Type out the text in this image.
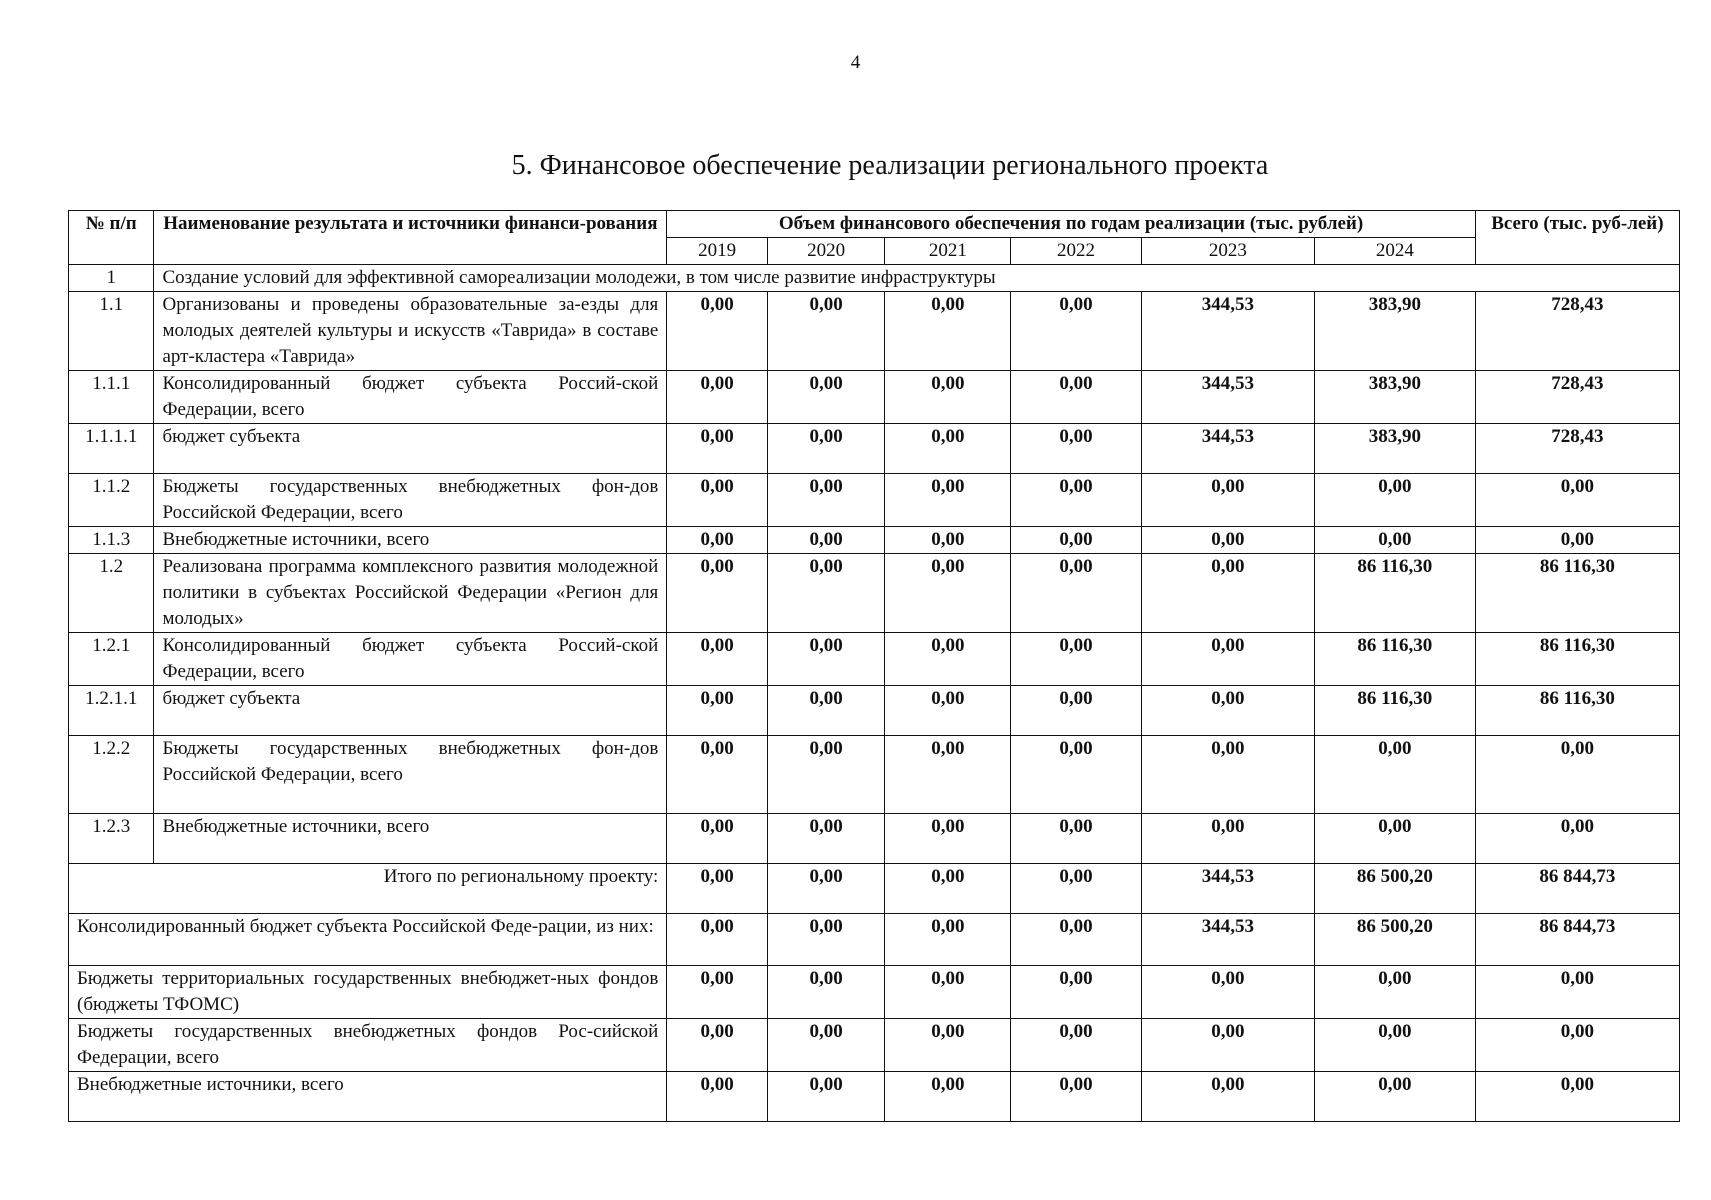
4
5. Финансовое обеспечение реализации регионального проекта
№ п/п	Наименование результата и источники финанси-рования	Объем финансового обеспечения по годам реализации (тыс. рублей)						Всего (тыс. руб-лей)
		2019	2020	2021	2022	2023	2024	
1	Создание условий для эффективной самореализации молодежи, в том числе развитие инфраструктуры							
1.1	Организованы и проведены образовательные за-езды для молодых деятелей культуры и искусств «Таврида» в составе арт-кластера «Таврида»	0,00	0,00	0,00	0,00	344,53	383,90	728,43
1.1.1	Консолидированный бюджет субъекта Россий-ской Федерации, всего	0,00	0,00	0,00	0,00	344,53	383,90	728,43
1.1.1.1	бюджет субъекта	0,00	0,00	0,00	0,00	344,53	383,90	728,43
1.1.2	Бюджеты государственных внебюджетных фон-дов Российской Федерации, всего	0,00	0,00	0,00	0,00	0,00	0,00	0,00
1.1.3	Внебюджетные источники, всего	0,00	0,00	0,00	0,00	0,00	0,00	0,00
1.2	Реализована программа комплексного развития молодежной политики в субъектах Российской Федерации «Регион для молодых»	0,00	0,00	0,00	0,00	0,00	86 116,30	86 116,30
1.2.1	Консолидированный бюджет субъекта Россий-ской Федерации, всего	0,00	0,00	0,00	0,00	0,00	86 116,30	86 116,30
1.2.1.1	бюджет субъекта	0,00	0,00	0,00	0,00	0,00	86 116,30	86 116,30
1.2.2	Бюджеты государственных внебюджетных фон-дов Российской Федерации, всего	0,00	0,00	0,00	0,00	0,00	0,00	0,00
1.2.3	Внебюджетные источники, всего	0,00	0,00	0,00	0,00	0,00	0,00	0,00
Итого по региональному проекту:		0,00	0,00	0,00	0,00	344,53	86 500,20	86 844,73
Консолидированный бюджет субъекта Российской Феде-рации, из них:		0,00	0,00	0,00	0,00	344,53	86 500,20	86 844,73
Бюджеты территориальных государственных внебюджет-ных фондов (бюджеты ТФОМС)		0,00	0,00	0,00	0,00	0,00	0,00	0,00
Бюджеты государственных внебюджетных фондов Рос-сийской Федерации, всего		0,00	0,00	0,00	0,00	0,00	0,00	0,00
Внебюджетные источники, всего		0,00	0,00	0,00	0,00	0,00	0,00	0,00
